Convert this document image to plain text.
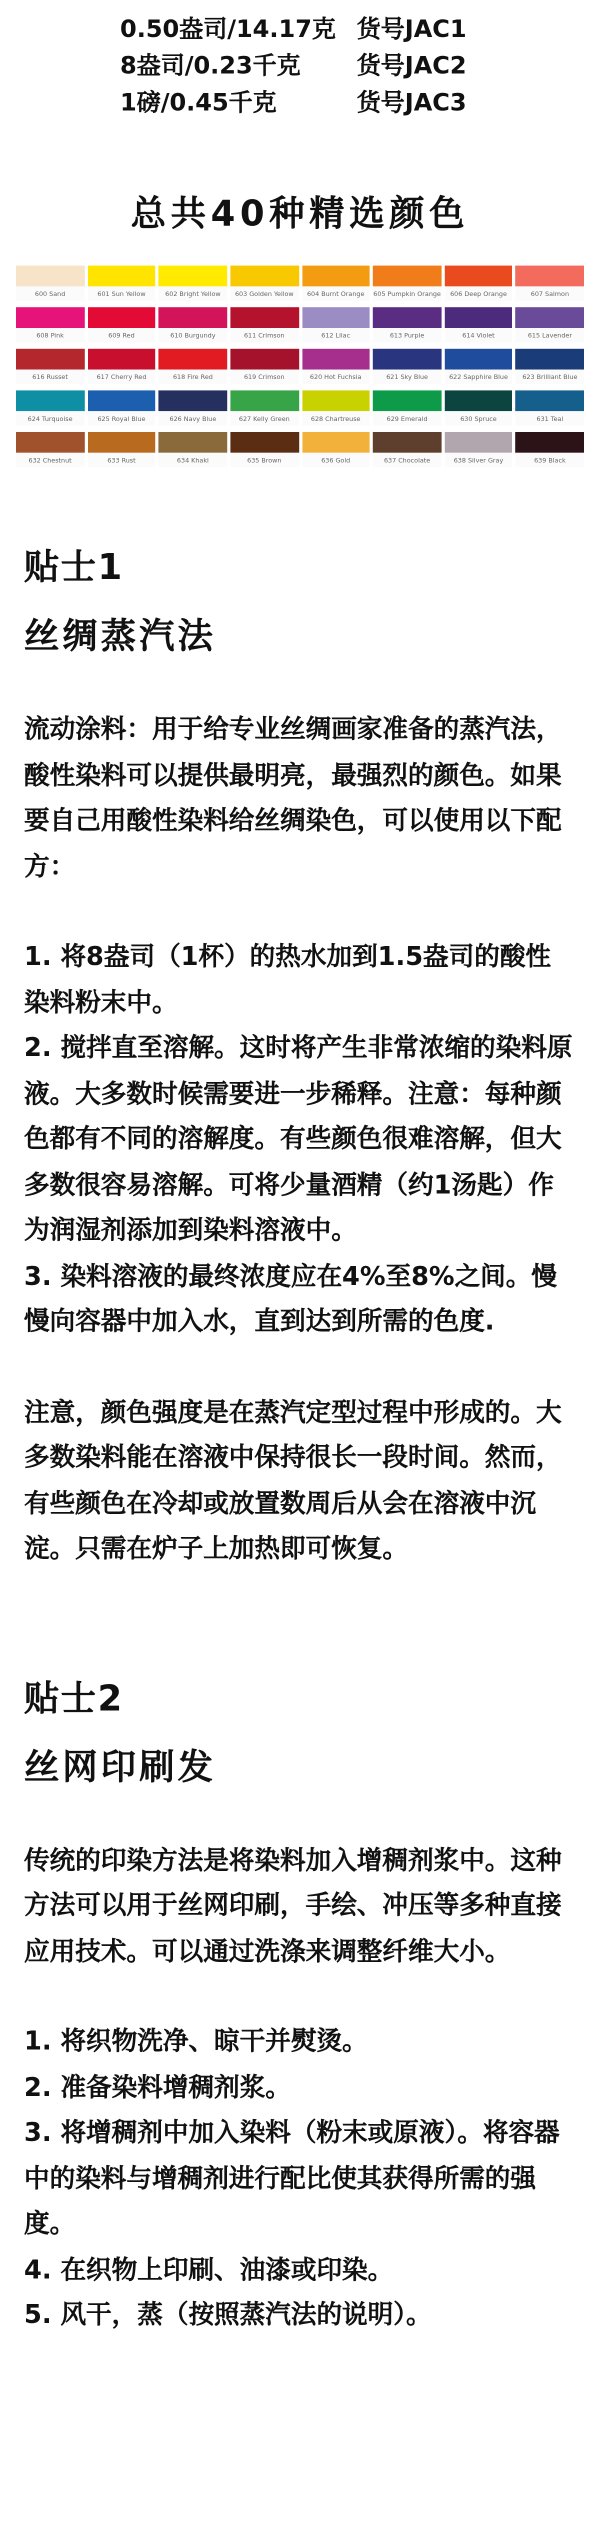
0.50盎司/14.17克	货号JAC1
8盎司/0.23千克	货号JAC2
1磅/0.45千克	货号JAC3
总共40种精选颜色
600 Sand	601 Sun Yellow	602 Bright Yellow	603 Golden Yellow	604 Burnt Orange	605 Pumpkin Orange	606 Deep Orange	607 Salmon
608 Pink	609 Red	610 Burgundy	611 Crimson	612 Lilac	613 Purple	614 Violet	615 Lavender
616 Russet	617 Cherry Red	618 Fire Red	619 Crimson	620 Hot Fuchsia	621 Sky Blue	622 Sapphire Blue	623 Brilliant Blue
624 Turquoise	625 Royal Blue	626 Navy Blue	627 Kelly Green	628 Chartreuse	629 Emerald	630 Spruce	631 Teal
632 Chestnut	633 Rust	634 Khaki	635 Brown	636 Gold	637 Chocolate	638 Silver Gray	639 Black
贴士1
丝绸蒸汽法
流动涂料：用于给专业丝绸画家准备的蒸汽法，酸性染料可以提供最明亮，最强烈的颜色。如果要自己用酸性染料给丝绸染色，可以使用以下配方：
1. 将8盎司（1杯）的热水加到1.5盎司的酸性染料粉末中。
2. 搅拌直至溶解。这时将产生非常浓缩的染料原液。大多数时候需要进一步稀释。注意：每种颜色都有不同的溶解度。有些颜色很难溶解，但大多数很容易溶解。可将少量酒精（约1汤匙）作为润湿剂添加到染料溶液中。
3. 染料溶液的最终浓度应在4%至8%之间。慢慢向容器中加入水，直到达到所需的色度.
注意，颜色强度是在蒸汽定型过程中形成的。大多数染料能在溶液中保持很长一段时间。然而，有些颜色在冷却或放置数周后从会在溶液中沉淀。只需在炉子上加热即可恢复。
贴士2
丝网印刷发
传统的印染方法是将染料加入增稠剂浆中。这种方法可以用于丝网印刷，手绘、冲压等多种直接应用技术。可以通过洗涤来调整纤维大小。
1. 将织物洗净、晾干并熨烫。
2. 准备染料增稠剂浆。
3. 将增稠剂中加入染料（粉末或原液）。将容器中的染料与增稠剂进行配比使其获得所需的强度。
4. 在织物上印刷、油漆或印染。
5. 风干，蒸（按照蒸汽法的说明）。
